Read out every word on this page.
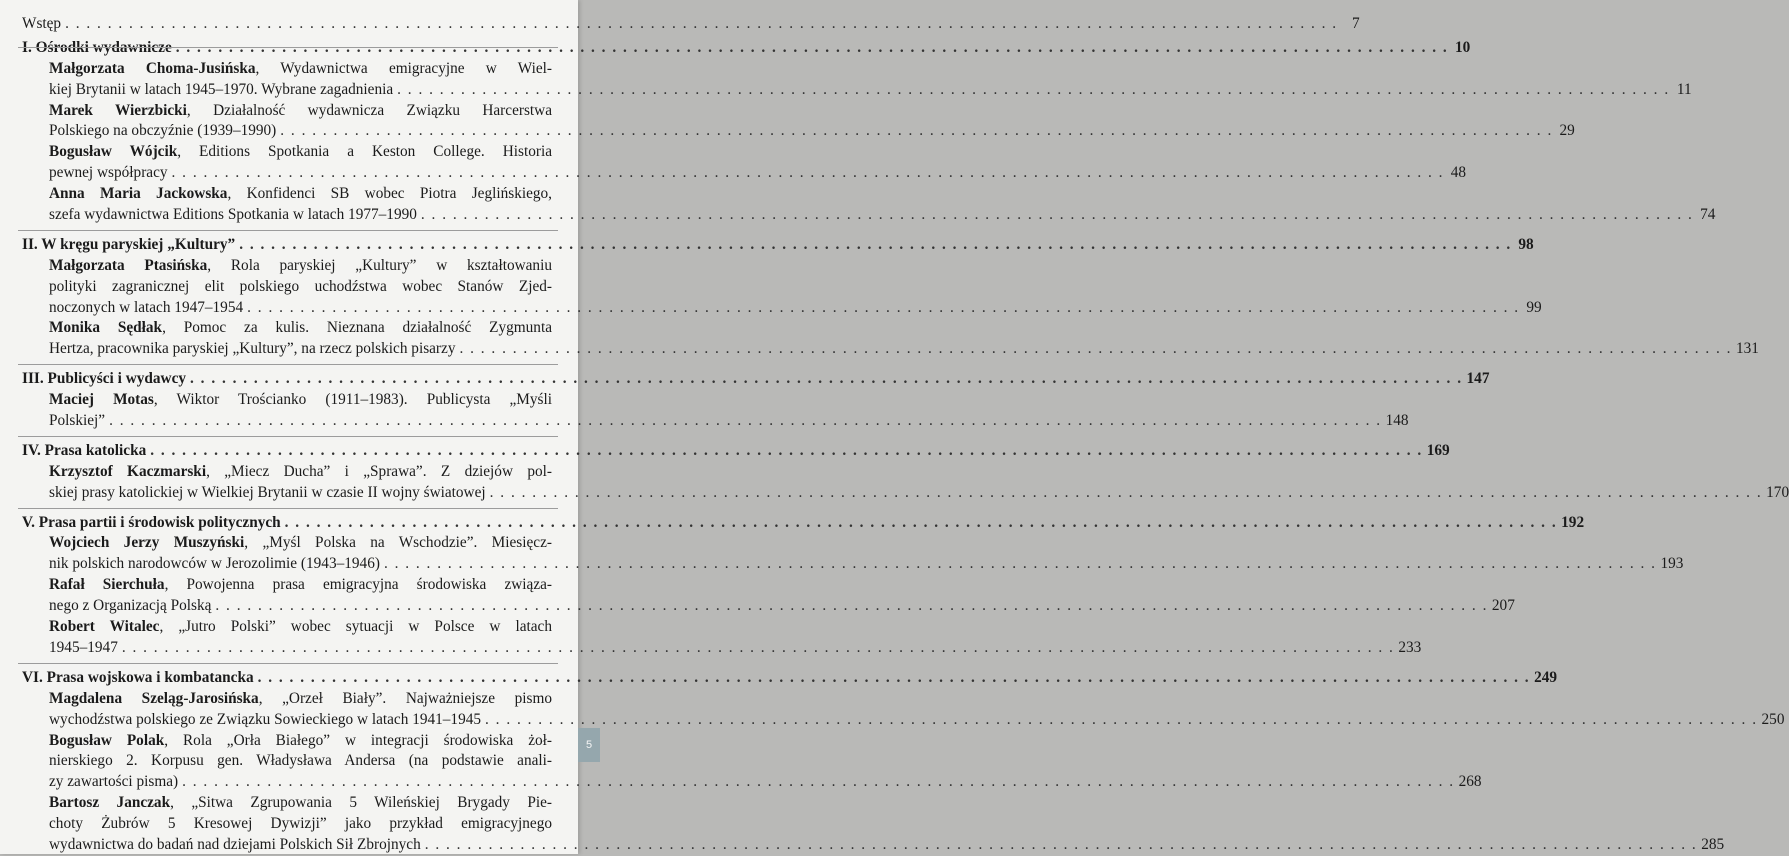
Wstęp . . . . . . . . . . . . . . . . . . . . . . . . . . . . . . . . . . . . . . . . . . . . . . . . . . . . . . . . . . . . . . . . . . . . . . . . . . . . . . . . . . . . . . . . . . . . . . . . . . . . . . . . . . . . . . . . . . . . . . . . 7
I. Ośrodki wydawnicze . . . . . . . . . . . . . . . . . . . . . . . . . . . . . . . . . . . . . . . . . . . . . . . . . . . . . . . . . . . . . . . . . . . . . . . . . . . . . . . . . . . . . . . . . . . . . . . . . . . . . . . . . . . . . . . . . . . . . . . . 10
Małgorzata Choma-Jusińska, Wydawnictwa emigracyjne w Wiel-
kiej Brytanii w latach 1945–1970. Wybrane zagadnienia . . . . . . . . . . . . . . . . . . . . . . . . . . . . . . . . . . . . . . . . . . . . . . . . . . . . . . . . . . . . . . . . . . . . . . . . . . . . . . . . . . . . . . . . . . . . . . . . . . . . . . . . . . . . . . . . . . . . . . . . 11
Marek Wierzbicki, Działalność wydawnicza Związku Harcerstwa
Polskiego na obczyźnie (1939–1990) . . . . . . . . . . . . . . . . . . . . . . . . . . . . . . . . . . . . . . . . . . . . . . . . . . . . . . . . . . . . . . . . . . . . . . . . . . . . . . . . . . . . . . . . . . . . . . . . . . . . . . . . . . . . . . . . . . . . . . . . 29
Bogusław Wójcik, Editions Spotkania a Keston College. Historia
pewnej współpracy . . . . . . . . . . . . . . . . . . . . . . . . . . . . . . . . . . . . . . . . . . . . . . . . . . . . . . . . . . . . . . . . . . . . . . . . . . . . . . . . . . . . . . . . . . . . . . . . . . . . . . . . . . . . . . . . . . . . . . . . 48
Anna Maria Jackowska, Konfidenci SB wobec Piotra Jeglińskiego,
szefa wydawnictwa Editions Spotkania w latach 1977–1990 . . . . . . . . . . . . . . . . . . . . . . . . . . . . . . . . . . . . . . . . . . . . . . . . . . . . . . . . . . . . . . . . . . . . . . . . . . . . . . . . . . . . . . . . . . . . . . . . . . . . . . . . . . . . . . . . . . . . . . . . 74
II. W kręgu paryskiej „Kultury” . . . . . . . . . . . . . . . . . . . . . . . . . . . . . . . . . . . . . . . . . . . . . . . . . . . . . . . . . . . . . . . . . . . . . . . . . . . . . . . . . . . . . . . . . . . . . . . . . . . . . . . . . . . . . . . . . . . . . . . . 98
Małgorzata Ptasińska, Rola paryskiej „Kultury” w kształtowaniu
polityki zagranicznej elit polskiego uchodźstwa wobec Stanów Zjed-
noczonych w latach 1947–1954 . . . . . . . . . . . . . . . . . . . . . . . . . . . . . . . . . . . . . . . . . . . . . . . . . . . . . . . . . . . . . . . . . . . . . . . . . . . . . . . . . . . . . . . . . . . . . . . . . . . . . . . . . . . . . . . . . . . . . . . . 99
Monika Sędłak, Pomoc za kulis. Nieznana działalność Zygmunta
Hertza, pracownika paryskiej „Kultury”, na rzecz polskich pisarzy . . . . . . . . . . . . . . . . . . . . . . . . . . . . . . . . . . . . . . . . . . . . . . . . . . . . . . . . . . . . . . . . . . . . . . . . . . . . . . . . . . . . . . . . . . . . . . . . . . . . . . . . . . . . . . . . . . . . . . . . 131
III. Publicyści i wydawcy . . . . . . . . . . . . . . . . . . . . . . . . . . . . . . . . . . . . . . . . . . . . . . . . . . . . . . . . . . . . . . . . . . . . . . . . . . . . . . . . . . . . . . . . . . . . . . . . . . . . . . . . . . . . . . . . . . . . . . . . 147
Maciej Motas, Wiktor Trościanko (1911–1983). Publicysta „Myśli
Polskiej” . . . . . . . . . . . . . . . . . . . . . . . . . . . . . . . . . . . . . . . . . . . . . . . . . . . . . . . . . . . . . . . . . . . . . . . . . . . . . . . . . . . . . . . . . . . . . . . . . . . . . . . . . . . . . . . . . . . . . . . . 148
IV. Prasa katolicka . . . . . . . . . . . . . . . . . . . . . . . . . . . . . . . . . . . . . . . . . . . . . . . . . . . . . . . . . . . . . . . . . . . . . . . . . . . . . . . . . . . . . . . . . . . . . . . . . . . . . . . . . . . . . . . . . . . . . . . . 169
Krzysztof Kaczmarski, „Miecz Ducha” i „Sprawa”. Z dziejów pol-
skiej prasy katolickiej w Wielkiej Brytanii w czasie II wojny światowej . . . . . . . . . . . . . . . . . . . . . . . . . . . . . . . . . . . . . . . . . . . . . . . . . . . . . . . . . . . . . . . . . . . . . . . . . . . . . . . . . . . . . . . . . . . . . . . . . . . . . . . . . . . . . . . . . . . . . . . . 170
V. Prasa partii i środowisk politycznych . . . . . . . . . . . . . . . . . . . . . . . . . . . . . . . . . . . . . . . . . . . . . . . . . . . . . . . . . . . . . . . . . . . . . . . . . . . . . . . . . . . . . . . . . . . . . . . . . . . . . . . . . . . . . . . . . . . . . . . . 192
Wojciech Jerzy Muszyński, „Myśl Polska na Wschodzie”. Miesięcz-
nik polskich narodowców w Jerozolimie (1943–1946) . . . . . . . . . . . . . . . . . . . . . . . . . . . . . . . . . . . . . . . . . . . . . . . . . . . . . . . . . . . . . . . . . . . . . . . . . . . . . . . . . . . . . . . . . . . . . . . . . . . . . . . . . . . . . . . . . . . . . . . . 193
Rafał Sierchuła, Powojenna prasa emigracyjna środowiska związa-
nego z Organizacją Polską . . . . . . . . . . . . . . . . . . . . . . . . . . . . . . . . . . . . . . . . . . . . . . . . . . . . . . . . . . . . . . . . . . . . . . . . . . . . . . . . . . . . . . . . . . . . . . . . . . . . . . . . . . . . . . . . . . . . . . . . 207
Robert Witalec, „Jutro Polski” wobec sytuacji w Polsce w latach
1945–1947 . . . . . . . . . . . . . . . . . . . . . . . . . . . . . . . . . . . . . . . . . . . . . . . . . . . . . . . . . . . . . . . . . . . . . . . . . . . . . . . . . . . . . . . . . . . . . . . . . . . . . . . . . . . . . . . . . . . . . . . . 233
VI. Prasa wojskowa i kombatancka . . . . . . . . . . . . . . . . . . . . . . . . . . . . . . . . . . . . . . . . . . . . . . . . . . . . . . . . . . . . . . . . . . . . . . . . . . . . . . . . . . . . . . . . . . . . . . . . . . . . . . . . . . . . . . . . . . . . . . . . 249
Magdalena Szeląg-Jarosińska, „Orzeł Biały”. Najważniejsze pismo
wychodźstwa polskiego ze Związku Sowieckiego w latach 1941–1945 . . . . . . . . . . . . . . . . . . . . . . . . . . . . . . . . . . . . . . . . . . . . . . . . . . . . . . . . . . . . . . . . . . . . . . . . . . . . . . . . . . . . . . . . . . . . . . . . . . . . . . . . . . . . . . . . . . . . . . . . 250
Bogusław Polak, Rola „Orła Białego” w integracji środowiska żoł-
nierskiego 2. Korpusu gen. Władysława Andersa (na podstawie anali-
zy zawartości pisma) . . . . . . . . . . . . . . . . . . . . . . . . . . . . . . . . . . . . . . . . . . . . . . . . . . . . . . . . . . . . . . . . . . . . . . . . . . . . . . . . . . . . . . . . . . . . . . . . . . . . . . . . . . . . . . . . . . . . . . . . 268
Bartosz Janczak, „Sitwa Zgrupowania 5 Wileńskiej Brygady Pie-
choty Żubrów 5 Kresowej Dywizji” jako przykład emigracyjnego
wydawnictwa do badań nad dziejami Polskich Sił Zbrojnych . . . . . . . . . . . . . . . . . . . . . . . . . . . . . . . . . . . . . . . . . . . . . . . . . . . . . . . . . . . . . . . . . . . . . . . . . . . . . . . . . . . . . . . . . . . . . . . . . . . . . . . . . . . . . . . . . . . . . . . . 285
5
